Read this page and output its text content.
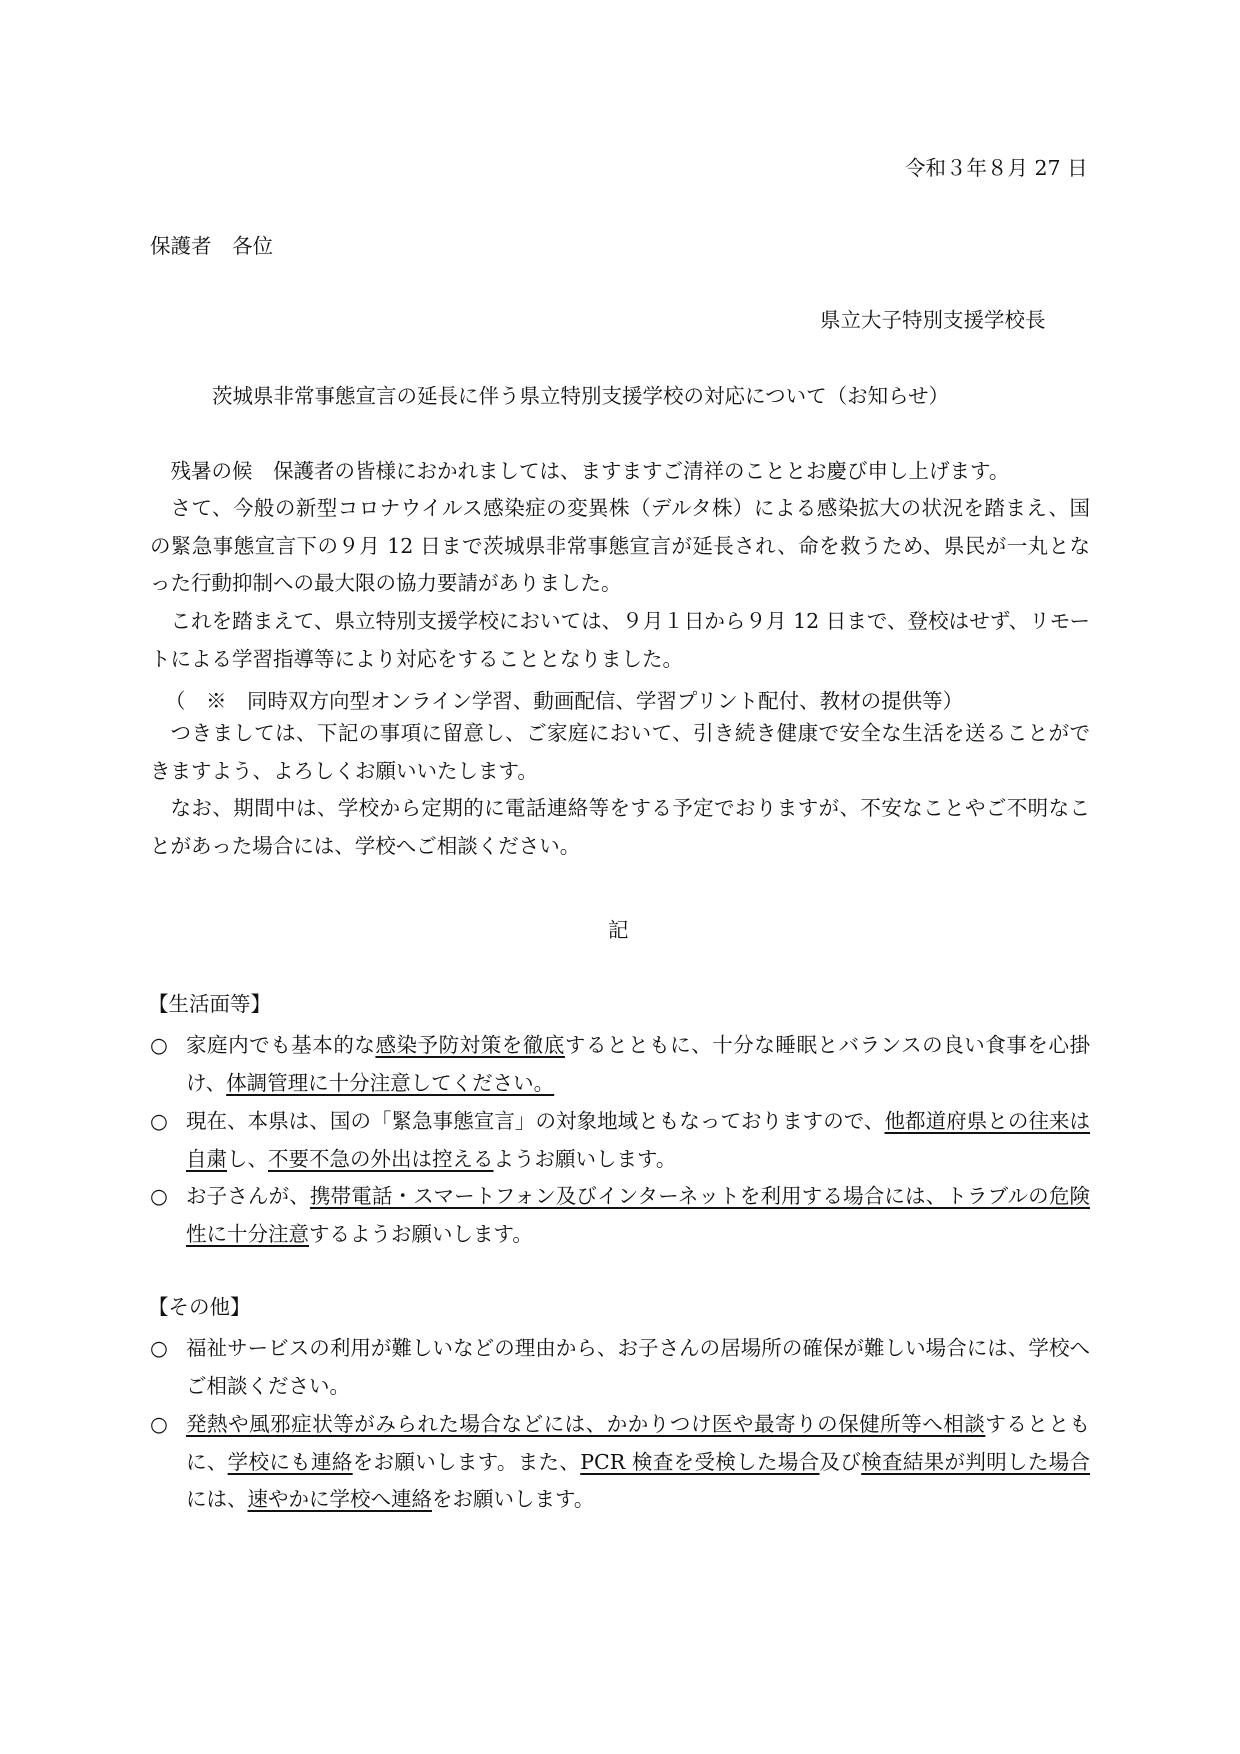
令和３年８月 27 日
保護者　各位
県立大子特別支援学校長
茨城県非常事態宣言の延長に伴う県立特別支援学校の対応について（お知らせ）

残暑の候　保護者の皆様におかれましては、ますますご清祥のこととお慶び申し上げます。

さて、今般の新型コロナウイルス感染症の変異株（デルタ株）による感染拡大の状況を踏まえ、国の緊急事態宣言下の９月 12 日まで茨城県非常事態宣言が延長され、命を救うため、県民が一丸となった行動抑制への最大限の協力要請がありました。

これを踏まえて、県立特別支援学校においては、９月１日から９月 12 日まで、登校はせず、リモートによる学習指導等により対応をすることとなりました。

（　※　同時双方向型オンライン学習、動画配信、学習プリント配付、教材の提供等）

つきましては、下記の事項に留意し、ご家庭において、引き続き健康で安全な生活を送ることができますよう、よろしくお願いいたします。

なお、期間中は、学校から定期的に電話連絡等をする予定でおりますが、不安なことやご不明なことがあった場合には、学校へご相談ください。

記
【生活面等】
○ 家庭内でも基本的な感染予防対策を徹底するとともに、十分な睡眠とバランスの良い食事を心掛け、体調管理に十分注意してください。
○ 現在、本県は、国の「緊急事態宣言」の対象地域ともなっておりますので、他都道府県との往来は自粛し、不要不急の外出は控えるようお願いします。
○ お子さんが、携帯電話・スマートフォン及びインターネットを利用する場合には、トラブルの危険性に十分注意するようお願いします。
【その他】
○ 福祉サービスの利用が難しいなどの理由から、お子さんの居場所の確保が難しい場合には、学校へご相談ください。
○ 発熱や風邪症状等がみられた場合などには、かかりつけ医や最寄りの保健所等へ相談するとともに、学校にも連絡をお願いします。また、PCR 検査を受検した場合及び検査結果が判明した場合には、速やかに学校へ連絡をお願いします。
